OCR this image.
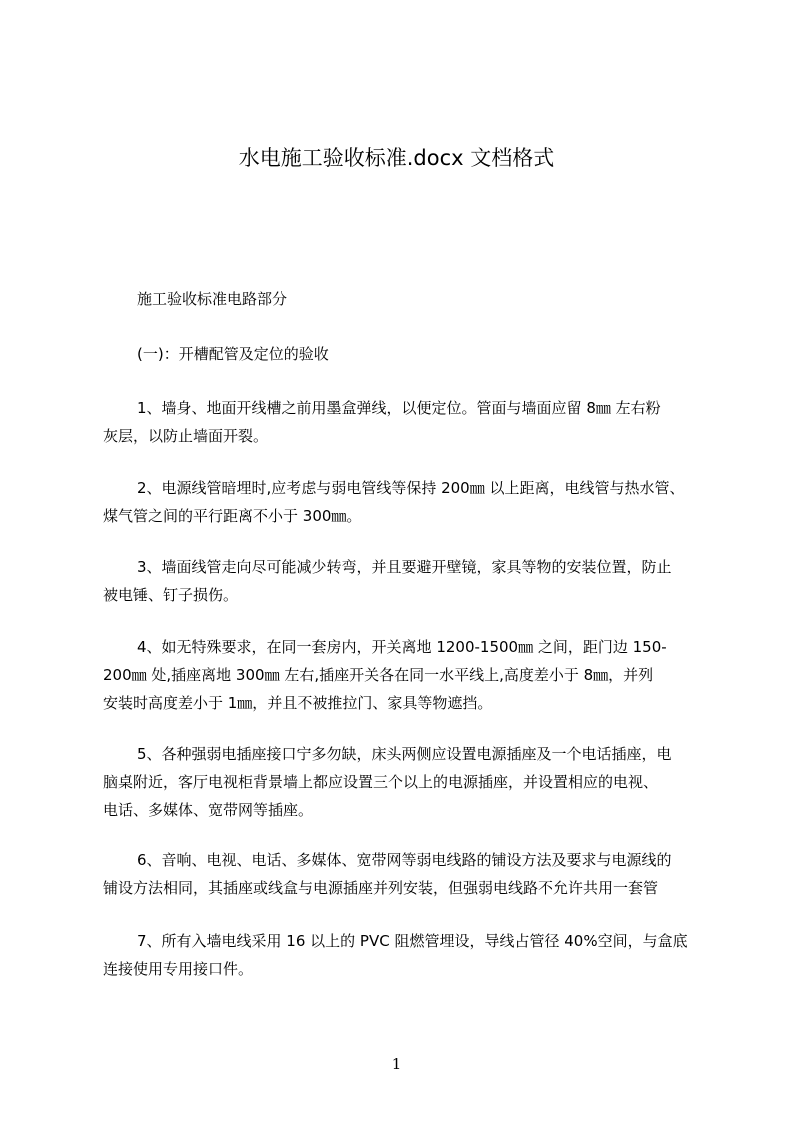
水电施工验收标准.docx 文档格式
施工验收标准电路部分
(一)：开槽配管及定位的验收
1、墙身、地面开线槽之前用墨盒弹线，以便定位。管面与墙面应留 8㎜ 左右粉
灰层，以防止墙面开裂。
2、电源线管暗埋时,应考虑与弱电管线等保持 200㎜ 以上距离，电线管与热水管、
煤气管之间的平行距离不小于 300㎜。
3、墙面线管走向尽可能减少转弯，并且要避开壁镜，家具等物的安装位置，防止
被电锤、钉子损伤。
4、如无特殊要求，在同一套房内，开关离地 1200-1500㎜ 之间，距门边 150-
200㎜ 处,插座离地 300㎜ 左右,插座开关各在同一水平线上,高度差小于 8㎜，并列
安装时高度差小于 1㎜，并且不被推拉门、家具等物遮挡。
5、各种强弱电插座接口宁多勿缺，床头两侧应设置电源插座及一个电话插座，电
脑桌附近，客厅电视柜背景墙上都应设置三个以上的电源插座，并设置相应的电视、
电话、多媒体、宽带网等插座。
6、音响、电视、电话、多媒体、宽带网等弱电线路的铺设方法及要求与电源线的
铺设方法相同，其插座或线盒与电源插座并列安装，但强弱电线路不允许共用一套管
7、所有入墙电线采用 16 以上的 PVC 阻燃管埋设，导线占管径 40%空间，与盒底
连接使用专用接口件。
1
